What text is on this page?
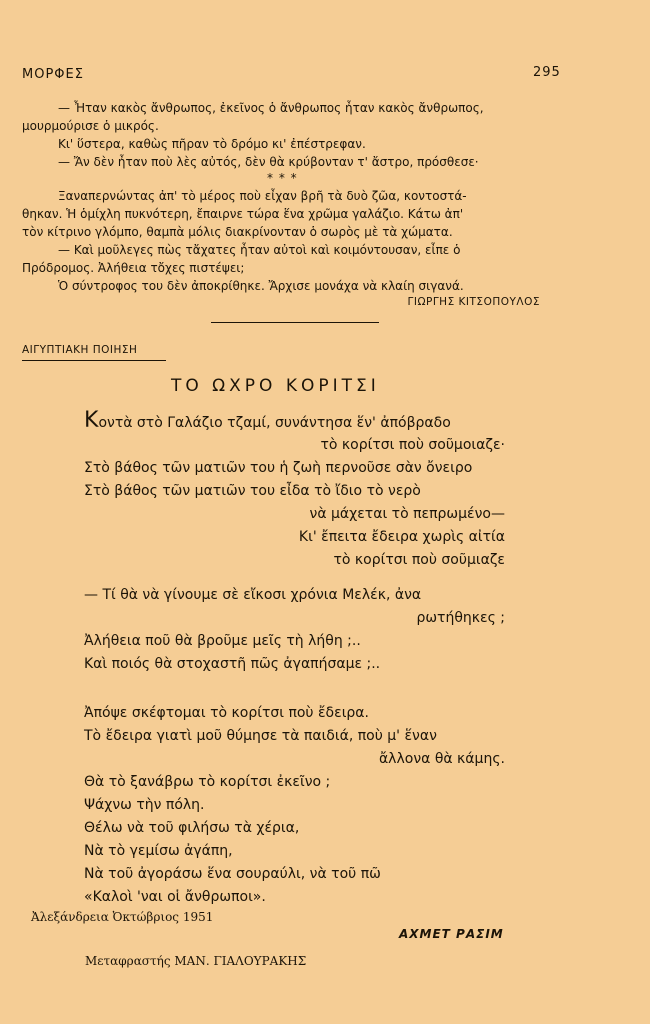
ΜΟΡΦΕΣ	295
— Ἦταν κακὸς ἄνθρωπος, ἐκεῖνος ὁ ἄνθρωπος ἦταν κακὸς ἄνθρωπος,
μουρμούρισε ὁ μικρός.
Κι' ὕστερα, καθὼς πῆραν τὸ δρόμο κι' ἐπέστρεφαν.
— Ἄν δὲν ἦταν ποὺ λὲς αὐτός, δὲν θὰ κρύβονταν τ' ἄστρο, πρόσθεσε·
* * *
Ξαναπερνώντας ἀπ' τὸ μέρος ποὺ εἶχαν βρῆ τὰ δυὸ ζῶα, κοντοστά-
θηκαν. Ἡ ὁμίχλη πυκνότερη, ἔπαιρνε τώρα ἕνα χρῶμα γαλάζιο. Κάτω ἀπ'
τὸν κίτρινο γλόμπο, θαμπὰ μόλις διακρίνονταν ὁ σωρὸς μὲ τὰ χώματα.
— Καὶ μοῦλεγες πὼς τἄχατες ἦταν αὐτοὶ καὶ κοιμόντουσαν, εἶπε ὁ
Πρόδρομος. Ἀλήθεια τὄχες πιστέψει;
Ὁ σύντροφος του δὲν ἀποκρίθηκε. Ἄρχισε μονάχα νὰ κλαίη σιγανά.
ΓΙΩΡΓΗΣ ΚΙΤΣΟΠΟΥΛΟΣ
ΑΙΓΥΠΤΙΑΚΗ ΠΟΙΗΣΗ
ΤΟ ΩΧΡΟ ΚΟΡΙΤΣΙ
Κοντὰ στὸ Γαλάζιο τζαμί, συνάντησα ἕν' ἀπόβραδο
τὸ κορίτσι ποὺ σοῦμοιαζε·
Στὸ βάθος τῶν ματιῶν του ἡ ζωὴ περνοῦσε σὰν ὄνειρο
Στὸ βάθος τῶν ματιῶν του εἶδα τὸ ἴδιο τὸ νερὸ
νὰ μάχεται τὸ πεπρωμένο—
Κι' ἔπειτα ἔδειρα χωρὶς αἰτία
τὸ κορίτσι ποὺ σοῦμιαζε
— Τί θὰ νὰ γίνουμε σὲ εἴκοσι χρόνια Μελέκ, ἀνα
ρωτήθηκες ;
Ἀλήθεια ποῦ θὰ βροῦμε μεῖς τὴ λήθη ;..
Καὶ ποιός θὰ στοχαστῆ πῶς ἀγαπήσαμε ;..
Ἀπόψε σκέφτομαι τὸ κορίτσι ποὺ ἔδειρα.
Τὸ ἔδειρα γιατὶ μοῦ θύμησε τὰ παιδιά, ποὺ μ' ἕναν
ἄλλονα θὰ κάμης.
Θὰ τὸ ξανάβρω τὸ κορίτσι ἐκεῖνο ;
Ψάχνω τὴν πόλη.
Θέλω νὰ τοῦ φιλήσω τὰ χέρια,
Νὰ τὸ γεμίσω ἀγάπη,
Νὰ τοῦ ἀγοράσω ἕνα σουραύλι, νὰ τοῦ πῶ
«Καλοὶ 'ναι οἱ ἄνθρωποι».
Ἀλεξάνδρεια Ὀκτώβριος 1951
ΑΧΜΕΤ ΡΑΣΙΜ
Μεταφραστής ΜΑΝ. ΓΙΑΛΟΥΡΑΚΗΣ
